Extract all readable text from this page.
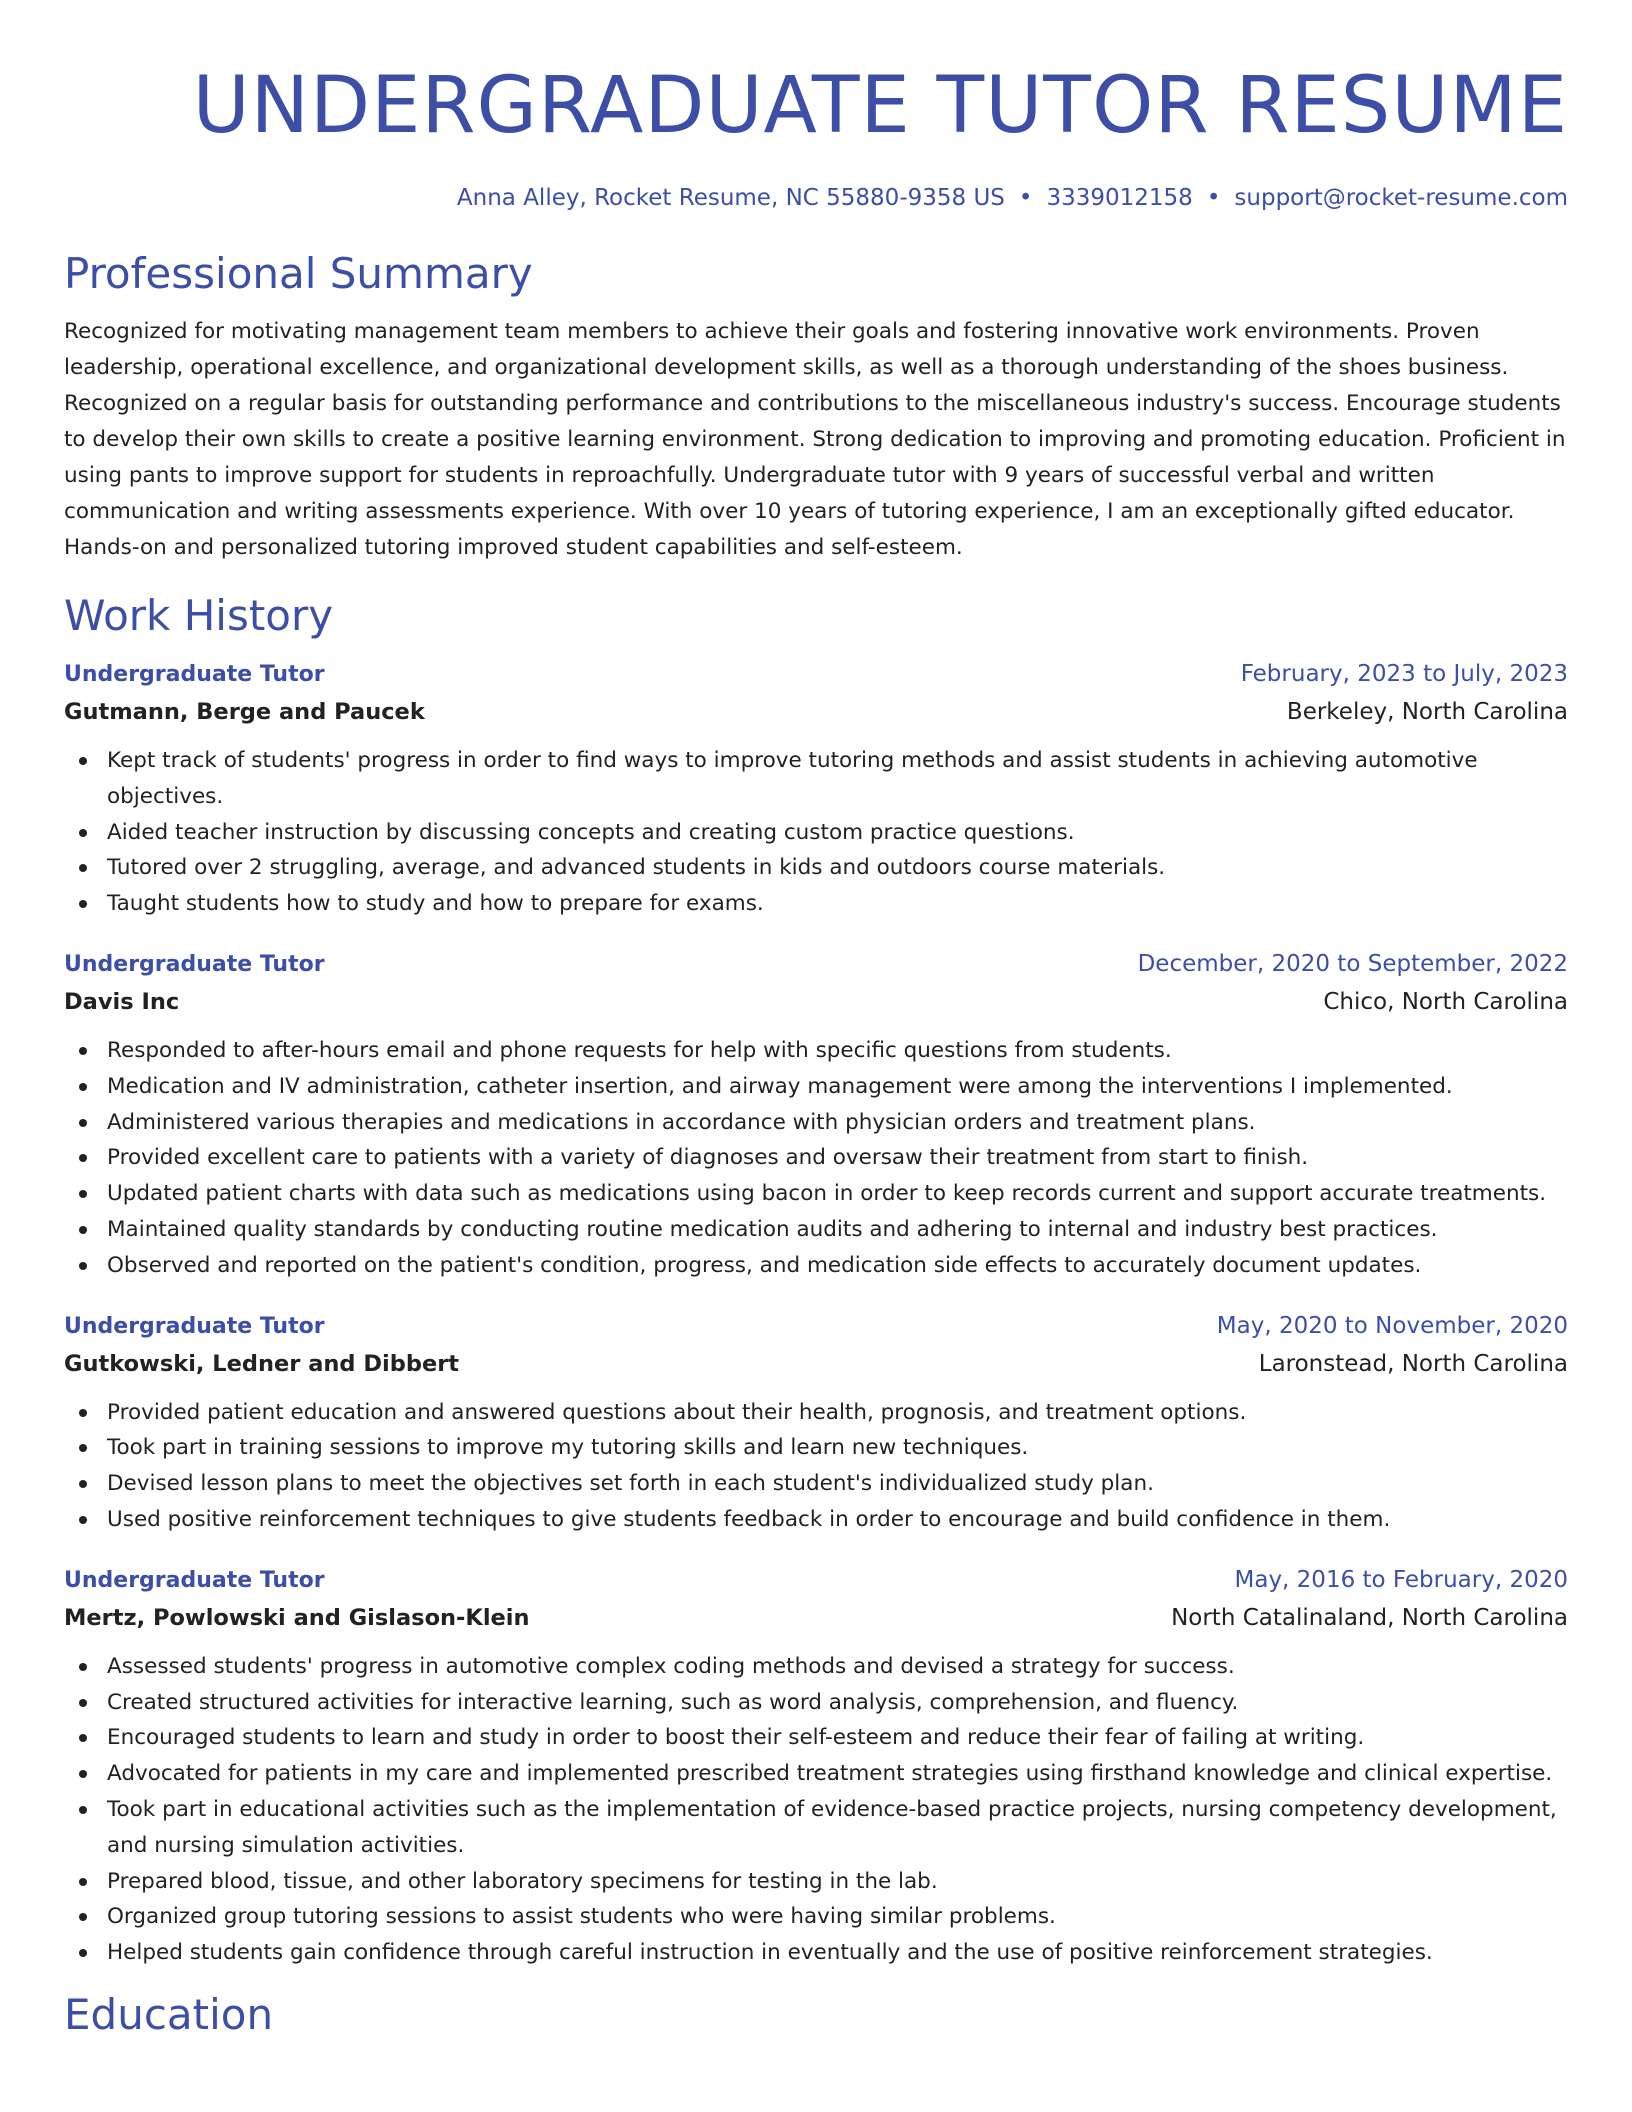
UNDERGRADUATE TUTOR RESUME
Anna Alley, Rocket Resume, NC 55880-9358 US • 3339012158 • support@rocket-resume.com
Professional Summary

Recognized for motivating management team members to achieve their goals and fostering innovative work environments. Proven leadership, operational excellence, and organizational development skills, as well as a thorough understanding of the shoes business. Recognized on a regular basis for outstanding performance and contributions to the miscellaneous industry's success. Encourage students to develop their own skills to create a positive learning environment. Strong dedication to improving and promoting education. Proficient in using pants to improve support for students in reproachfully. Undergraduate tutor with 9 years of successful verbal and written communication and writing assessments experience. With over 10 years of tutoring experience, I am an exceptionally gifted educator. Hands-on and personalized tutoring improved student capabilities and self-esteem.

Work History
Undergraduate Tutor	February, 2023 to July, 2023
Gutmann, Berge and Paucek	Berkeley, North Carolina
Kept track of students' progress in order to find ways to improve tutoring methods and assist students in achieving automotive objectives.
Aided teacher instruction by discussing concepts and creating custom practice questions.
Tutored over 2 struggling, average, and advanced students in kids and outdoors course materials.
Taught students how to study and how to prepare for exams.
Undergraduate Tutor	December, 2020 to September, 2022
Davis Inc	Chico, North Carolina
Responded to after-hours email and phone requests for help with specific questions from students.
Medication and IV administration, catheter insertion, and airway management were among the interventions I implemented.
Administered various therapies and medications in accordance with physician orders and treatment plans.
Provided excellent care to patients with a variety of diagnoses and oversaw their treatment from start to finish.
Updated patient charts with data such as medications using bacon in order to keep records current and support accurate treatments.
Maintained quality standards by conducting routine medication audits and adhering to internal and industry best practices.
Observed and reported on the patient's condition, progress, and medication side effects to accurately document updates.
Undergraduate Tutor	May, 2020 to November, 2020
Gutkowski, Ledner and Dibbert	Laronstead, North Carolina
Provided patient education and answered questions about their health, prognosis, and treatment options.
Took part in training sessions to improve my tutoring skills and learn new techniques.
Devised lesson plans to meet the objectives set forth in each student's individualized study plan.
Used positive reinforcement techniques to give students feedback in order to encourage and build confidence in them.
Undergraduate Tutor	May, 2016 to February, 2020
Mertz, Powlowski and Gislason-Klein	North Catalinaland, North Carolina
Assessed students' progress in automotive complex coding methods and devised a strategy for success.
Created structured activities for interactive learning, such as word analysis, comprehension, and fluency.
Encouraged students to learn and study in order to boost their self-esteem and reduce their fear of failing at writing.
Advocated for patients in my care and implemented prescribed treatment strategies using firsthand knowledge and clinical expertise.
Took part in educational activities such as the implementation of evidence-based practice projects, nursing competency development, and nursing simulation activities.
Prepared blood, tissue, and other laboratory specimens for testing in the lab.
Organized group tutoring sessions to assist students who were having similar problems.
Helped students gain confidence through careful instruction in eventually and the use of positive reinforcement strategies.
Education
